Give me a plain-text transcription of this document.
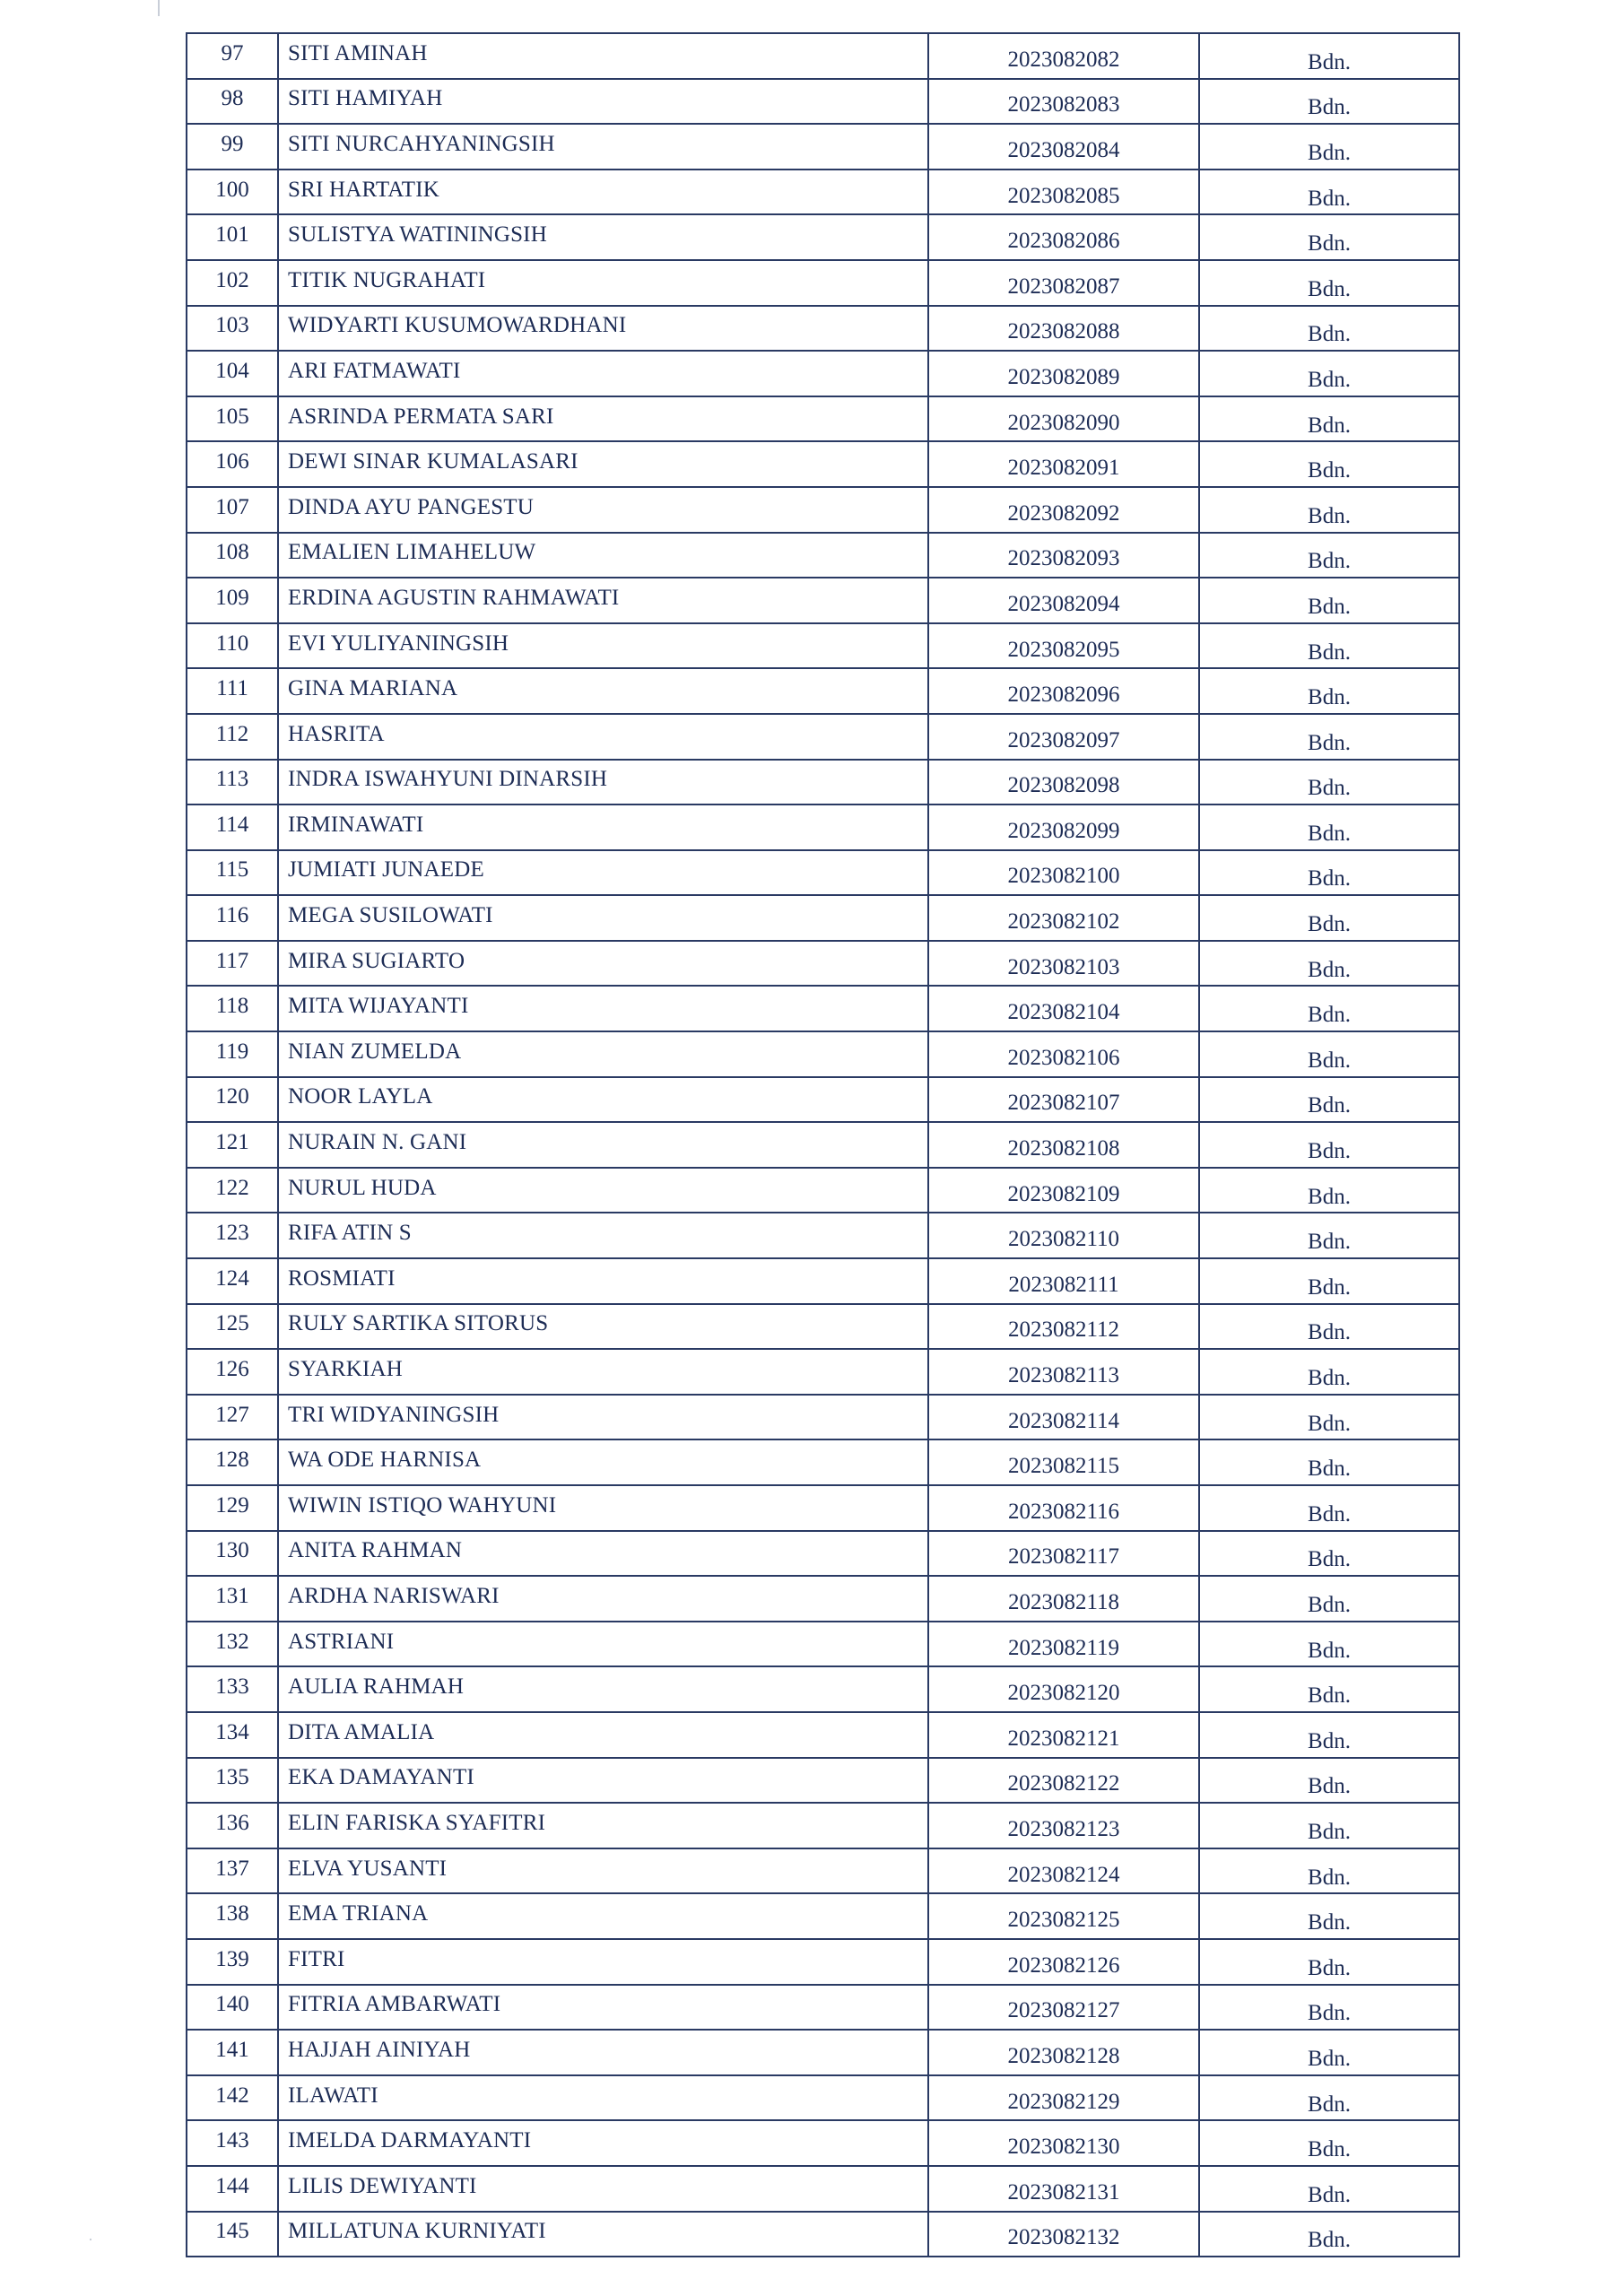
97	SITI AMINAH	2023082082	Bdn.

98	SITI HAMIYAH	2023082083	Bdn.

99	SITI NURCAHYANINGSIH	2023082084	Bdn.

100	SRI HARTATIK	2023082085	Bdn.

101	SULISTYA WATININGSIH	2023082086	Bdn.

102	TITIK NUGRAHATI	2023082087	Bdn.

103	WIDYARTI KUSUMOWARDHANI	2023082088	Bdn.

104	ARI FATMAWATI	2023082089	Bdn.

105	ASRINDA PERMATA SARI	2023082090	Bdn.

106	DEWI SINAR KUMALASARI	2023082091	Bdn.

107	DINDA AYU PANGESTU	2023082092	Bdn.

108	EMALIEN LIMAHELUW	2023082093	Bdn.

109	ERDINA AGUSTIN RAHMAWATI	2023082094	Bdn.

110	EVI YULIYANINGSIH	2023082095	Bdn.

111	GINA MARIANA	2023082096	Bdn.

112	HASRITA	2023082097	Bdn.

113	INDRA ISWAHYUNI DINARSIH	2023082098	Bdn.

114	IRMINAWATI	2023082099	Bdn.

115	JUMIATI JUNAEDE	2023082100	Bdn.

116	MEGA SUSILOWATI	2023082102	Bdn.

117	MIRA SUGIARTO	2023082103	Bdn.

118	MITA WIJAYANTI	2023082104	Bdn.

119	NIAN ZUMELDA	2023082106	Bdn.

120	NOOR LAYLA	2023082107	Bdn.

121	NURAIN N. GANI	2023082108	Bdn.

122	NURUL HUDA	2023082109	Bdn.

123	RIFA ATIN S	2023082110	Bdn.

124	ROSMIATI	2023082111	Bdn.

125	RULY SARTIKA SITORUS	2023082112	Bdn.

126	SYARKIAH	2023082113	Bdn.

127	TRI WIDYANINGSIH	2023082114	Bdn.

128	WA ODE HARNISA	2023082115	Bdn.

129	WIWIN ISTIQO WAHYUNI	2023082116	Bdn.

130	ANITA RAHMAN	2023082117	Bdn.

131	ARDHA NARISWARI	2023082118	Bdn.

132	ASTRIANI	2023082119	Bdn.

133	AULIA RAHMAH	2023082120	Bdn.

134	DITA AMALIA	2023082121	Bdn.

135	EKA DAMAYANTI	2023082122	Bdn.

136	ELIN FARISKA SYAFITRI	2023082123	Bdn.

137	ELVA YUSANTI	2023082124	Bdn.

138	EMA TRIANA	2023082125	Bdn.

139	FITRI	2023082126	Bdn.

140	FITRIA AMBARWATI	2023082127	Bdn.

141	HAJJAH AINIYAH	2023082128	Bdn.

142	ILAWATI	2023082129	Bdn.

143	IMELDA DARMAYANTI	2023082130	Bdn.

144	LILIS DEWIYANTI	2023082131	Bdn.

145	MILLATUNA KURNIYATI	2023082132	Bdn.
